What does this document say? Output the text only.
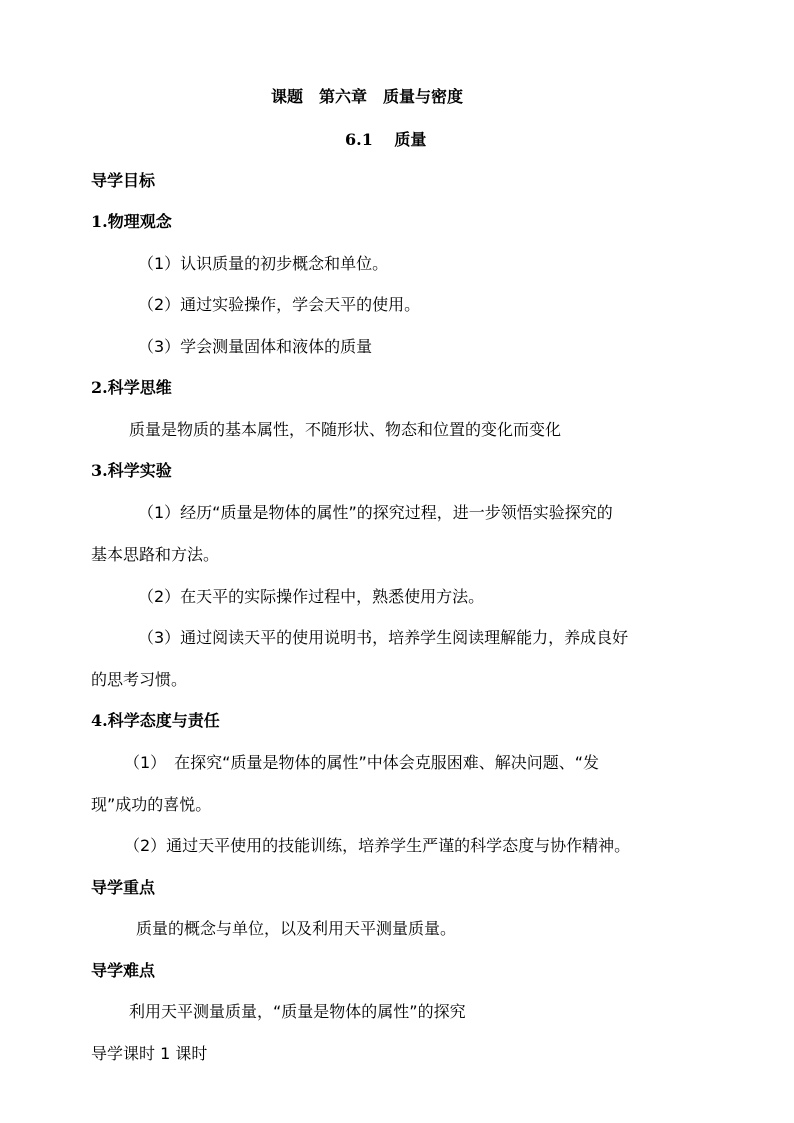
课题　第六章　质量与密度
6.1　 质量
导学目标
1.物理观念
（1）认识质量的初步概念和单位。
（2）通过实验操作，学会天平的使用。
（3）学会测量固体和液体的质量
2.科学思维
质量是物质的基本属性，不随形状、物态和位置的变化而变化
3.科学实验
（1）经历“质量是物体的属性”的探究过程，进一步领悟实验探究的
基本思路和方法。
（2）在天平的实际操作过程中，熟悉使用方法。
（3）通过阅读天平的使用说明书，培养学生阅读理解能力，养成良好
的思考习惯。
4.科学态度与责任
（1）　在探究“质量是物体的属性”中体会克服困难、解决问题、“发
现”成功的喜悦。
（2）通过天平使用的技能训练，培养学生严谨的科学态度与协作精神。
导学重点
质量的概念与单位，以及利用天平测量质量。
导学难点
利用天平测量质量，“质量是物体的属性”的探究
导学课时 1 课时
